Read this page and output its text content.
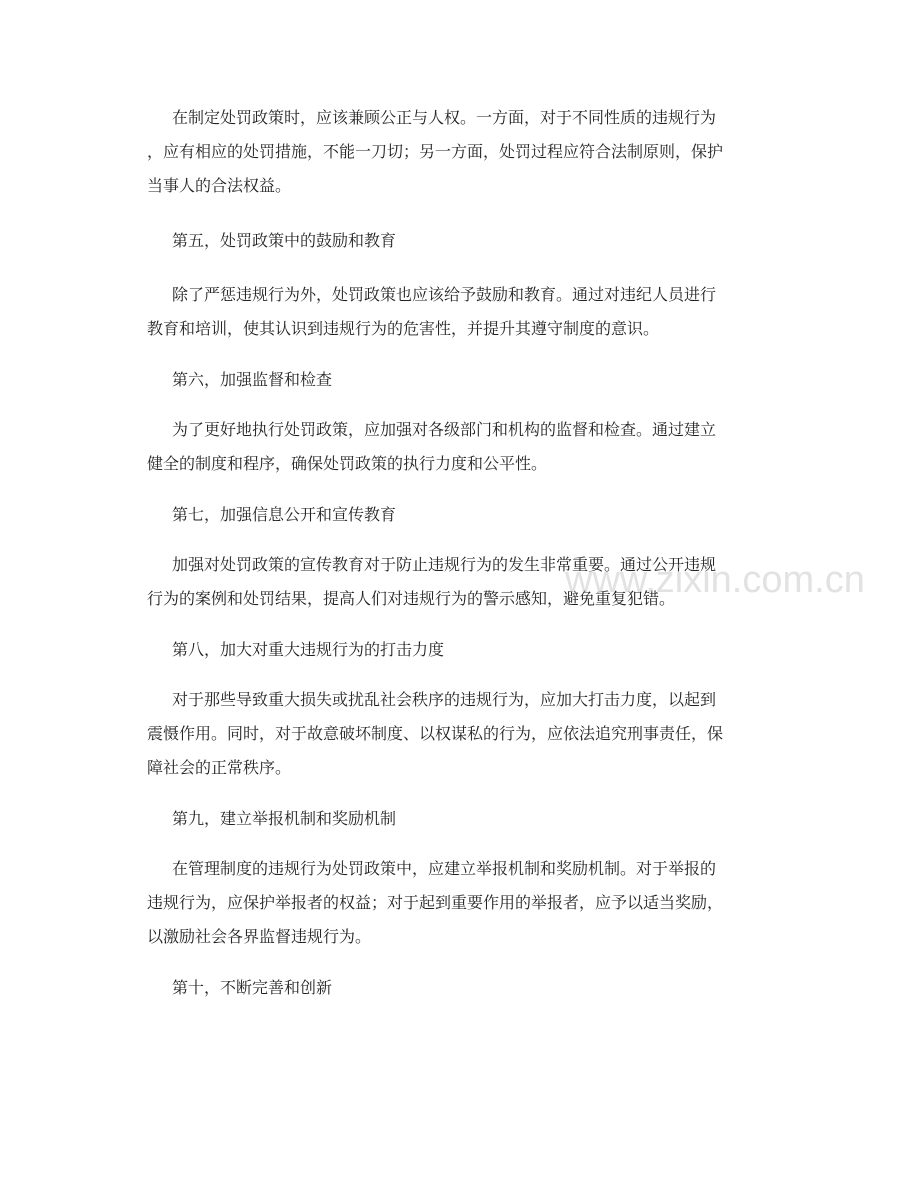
在制定处罚政策时，应该兼顾公正与人权。一方面，对于不同性质的违规行为
，应有相应的处罚措施，不能一刀切；另一方面，处罚过程应符合法制原则，保护
当事人的合法权益。
第五，处罚政策中的鼓励和教育
除了严惩违规行为外，处罚政策也应该给予鼓励和教育。通过对违纪人员进行
教育和培训，使其认识到违规行为的危害性，并提升其遵守制度的意识。
第六，加强监督和检查
为了更好地执行处罚政策，应加强对各级部门和机构的监督和检查。通过建立
健全的制度和程序，确保处罚政策的执行力度和公平性。
第七，加强信息公开和宣传教育
加强对处罚政策的宣传教育对于防止违规行为的发生非常重要。通过公开违规
行为的案例和处罚结果，提高人们对违规行为的警示感知，避免重复犯错。
第八，加大对重大违规行为的打击力度
对于那些导致重大损失或扰乱社会秩序的违规行为，应加大打击力度，以起到
震慑作用。同时，对于故意破坏制度、以权谋私的行为，应依法追究刑事责任，保
障社会的正常秩序。
第九，建立举报机制和奖励机制
在管理制度的违规行为处罚政策中，应建立举报机制和奖励机制。对于举报的
违规行为，应保护举报者的权益；对于起到重要作用的举报者，应予以适当奖励，
以激励社会各界监督违规行为。
第十，不断完善和创新
www.zixin.com.cn
